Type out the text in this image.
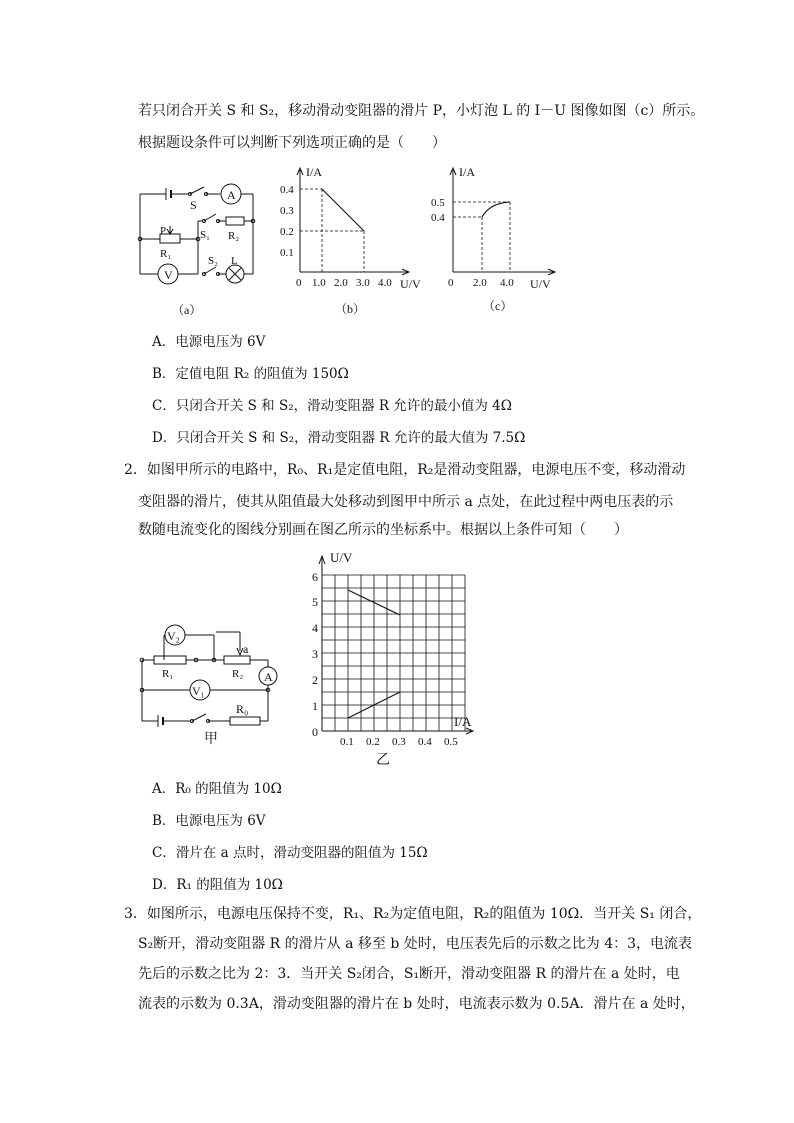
若只闭合开关 S 和 S₂，移动滑动变阻器的滑片 P，小灯泡 L 的 I－U 图像如图（c）所示。
根据题设条件可以判断下列选项正确的是（　　）
S
A
P
R₁
V
S₁ R₂
S₂ L
（a）
I/A
U/V
0
0.4
0.3
0.2
0.1
1.0 2.0 3.0 4.0
（b）
I/A
U/V
0
0.5
0.4
2.0 4.0
（c）
A．电源电压为 6V
B．定值电阻 R₂ 的阻值为 150Ω
C．只闭合开关 S 和 S₂，滑动变阻器 R 允许的最小值为 4Ω
D．只闭合开关 S 和 S₂，滑动变阻器 R 允许的最大值为 7.5Ω
2．如图甲所示的电路中，R₀、R₁是定值电阻，R₂是滑动变阻器，电源电压不变，移动滑动
变阻器的滑片，使其从阻值最大处移动到图甲中所示 a 点处，在此过程中两电压表的示
数随电流变化的图线分别画在图乙所示的坐标系中。根据以上条件可知（　　）
V₂
R₁
a
R₂ A
V₁
R₀
甲
U/V
I/A
0
6
5
4
3
2
1
0.1 0.2 0.3 0.4 0.5
乙
A．R₀ 的阻值为 10Ω
B．电源电压为 6V
C．滑片在 a 点时，滑动变阻器的阻值为 15Ω
D．R₁ 的阻值为 10Ω
3．如图所示，电源电压保持不变，R₁、R₂为定值电阻，R₂的阻值为 10Ω．当开关 S₁ 闭合，
S₂断开，滑动变阻器 R 的滑片从 a 移至 b 处时，电压表先后的示数之比为 4：3，电流表
先后的示数之比为 2：3．当开关 S₂闭合，S₁断开，滑动变阻器 R 的滑片在 a 处时，电
流表的示数为 0.3A，滑动变阻器的滑片在 b 处时，电流表示数为 0.5A．滑片在 a 处时，
